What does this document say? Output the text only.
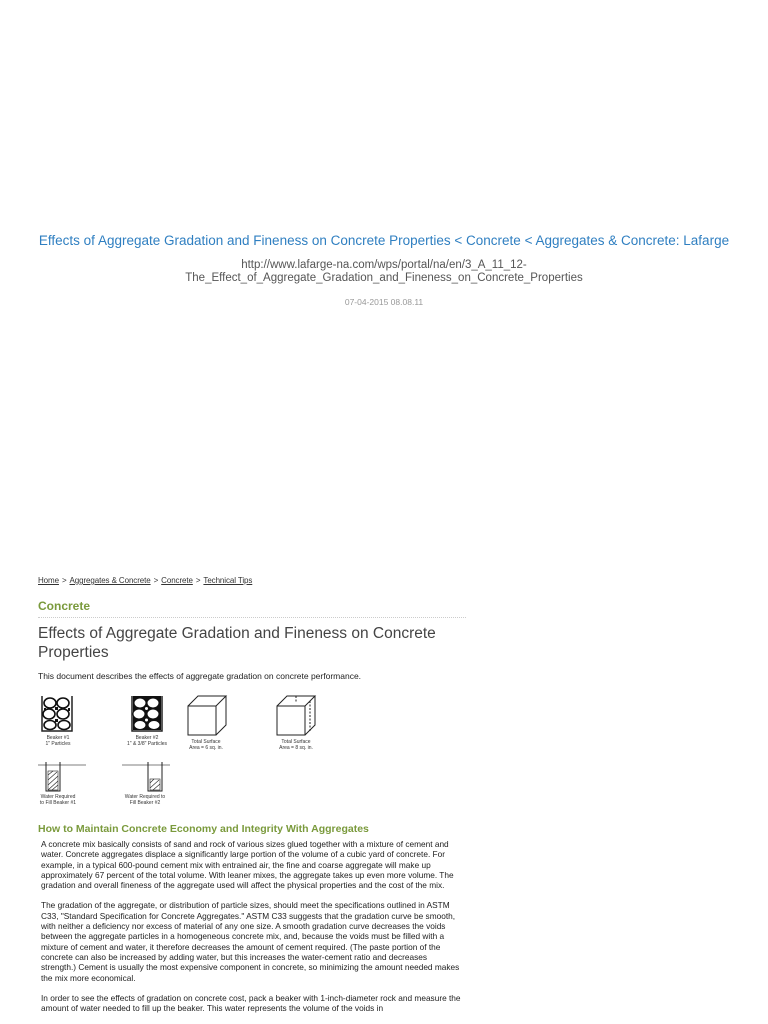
Effects of Aggregate Gradation and Fineness on Concrete Properties < Concrete < Aggregates & Concrete: Lafarge
http://www.lafarge-na.com/wps/portal/na/en/3_A_11_12-
The_Effect_of_Aggregate_Gradation_and_Fineness_on_Concrete_Properties
07-04-2015 08.08.11
Home > Aggregates & Concrete > Concrete > Technical Tips
Concrete
Effects of Aggregate Gradation and Fineness on Concrete Properties
This document describes the effects of aggregate gradation on concrete performance.
Beaker #1
1" Particles
Beaker #2
1" & 3/8" Particles	Total Surface
Area = 6 sq. in.
Total Surface
Area = 8 sq. in.
Water Required
to Fill Beaker #1
Water Required to
Fill Beaker #2
How to Maintain Concrete Economy and Integrity With Aggregates
A concrete mix basically consists of sand and rock of various sizes glued together with a mixture of cement and water. Concrete aggregates displace a significantly large portion of the volume of a cubic yard of concrete. For example, in a typical 600-pound cement mix with entrained air, the fine and coarse aggregate will make up approximately 67 percent of the total volume. With leaner mixes, the aggregate takes up even more volume. The gradation and overall fineness of the aggregate used will affect the physical properties and the cost of the mix.
The gradation of the aggregate, or distribution of particle sizes, should meet the specifications outlined in ASTM C33, "Standard Specification for Concrete Aggregates." ASTM C33 suggests that the gradation curve be smooth, with neither a deficiency nor excess of material of any one size. A smooth gradation curve decreases the voids between the aggregate particles in a homogeneous concrete mix, and, because the voids must be filled with a mixture of cement and water, it therefore decreases the amount of cement required. (The paste portion of the concrete can also be increased by adding water, but this increases the water-cement ratio and decreases strength.) Cement is usually the most expensive component in concrete, so minimizing the amount needed makes the mix more economical.
In order to see the effects of gradation on concrete cost, pack a beaker with 1-inch-diameter rock and measure the amount of water needed to fill up the beaker. This water represents the volume of the voids in
